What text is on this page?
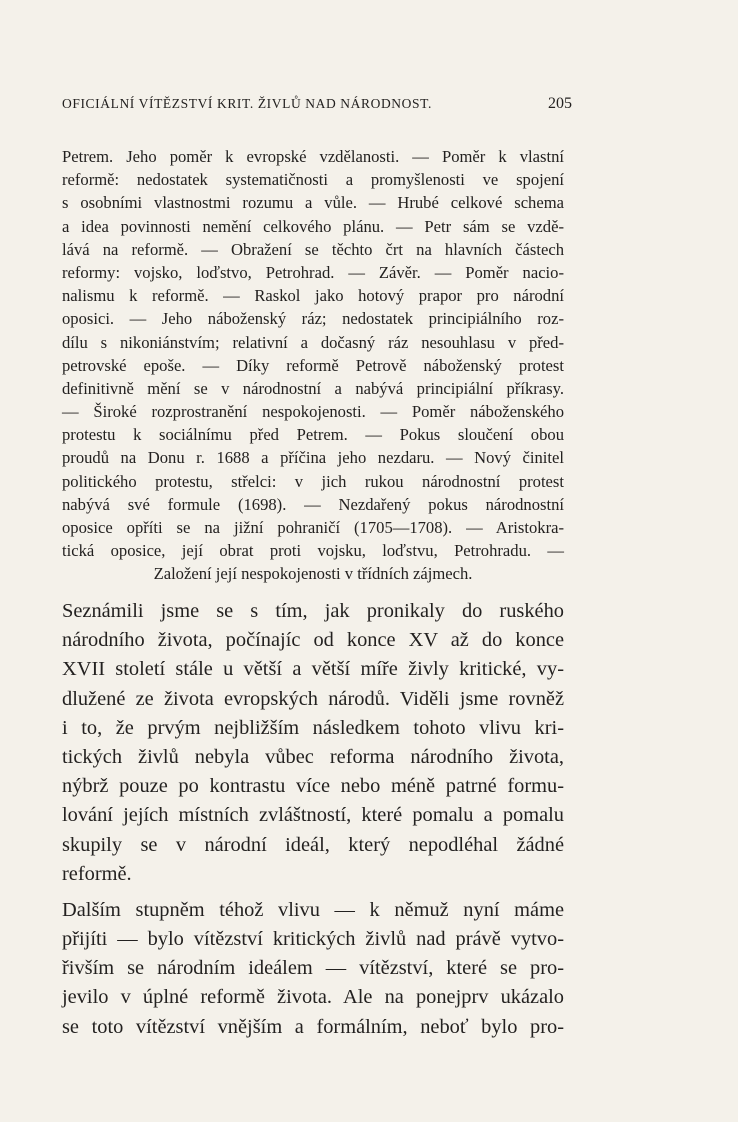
OFICIÁLNÍ VÍTĚZSTVÍ KRIT. ŽIVLŮ NAD NÁRODNOST.	205
Petrem. Jeho poměr k evropské vzdělanosti. — Poměr k vlastní
reformě: nedostatek systematičnosti a promyšlenosti ve spojení
s osobními vlastnostmi rozumu a vůle. — Hrubé celkové schema
a idea povinnosti nemění celkového plánu. — Petr sám se vzdě-
lává na reformě. — Obražení se těchto črt na hlavních částech
reformy: vojsko, loďstvo, Petrohrad. — Závěr. — Poměr nacio-
nalismu k reformě. — Raskol jako hotový prapor pro národní
oposici. — Jeho náboženský ráz; nedostatek principiálního roz-
dílu s nikoniánstvím; relativní a dočasný ráz nesouhlasu v před-
petrovské epoše. — Díky reformě Petrově náboženský protest
definitivně mění se v národnostní a nabývá principiální příkrasy.
— Široké rozprostranění nespokojenosti. — Poměr náboženského
protestu k sociálnímu před Petrem. — Pokus sloučení obou
proudů na Donu r. 1688 a příčina jeho nezdaru. — Nový činitel
politického protestu, střelci: v jich rukou národnostní protest
nabývá své formule (1698). — Nezdařený pokus národnostní
oposice opříti se na jižní pohraničí (1705—1708). — Aristokra-
tická oposice, její obrat proti vojsku, loďstvu, Petrohradu. —
Založení její nespokojenosti v třídních zájmech.
Seznámili jsme se s tím, jak pronikaly do ruského
národního života, počínajíc od konce XV až do konce
XVII století stále u větší a větší míře živly kritické, vy-
dlužené ze života evropských národů. Viděli jsme rovněž
i to, že prvým nejbližším následkem tohoto vlivu kri-
tických živlů nebyla vůbec reforma národního života,
nýbrž pouze po kontrastu více nebo méně patrné formu-
lování jejích místních zvláštností, které pomalu a pomalu
skupily se v národní ideál, který nepodléhal žádné
reformě.
Dalším stupněm téhož vlivu — k němuž nyní máme
přijíti — bylo vítězství kritických živlů nad právě vytvo-
řivším se národním ideálem — vítězství, které se pro-
jevilo v úplné reformě života. Ale na ponejprv ukázalo
se toto vítězství vnějším a formálním, neboť bylo pro-
